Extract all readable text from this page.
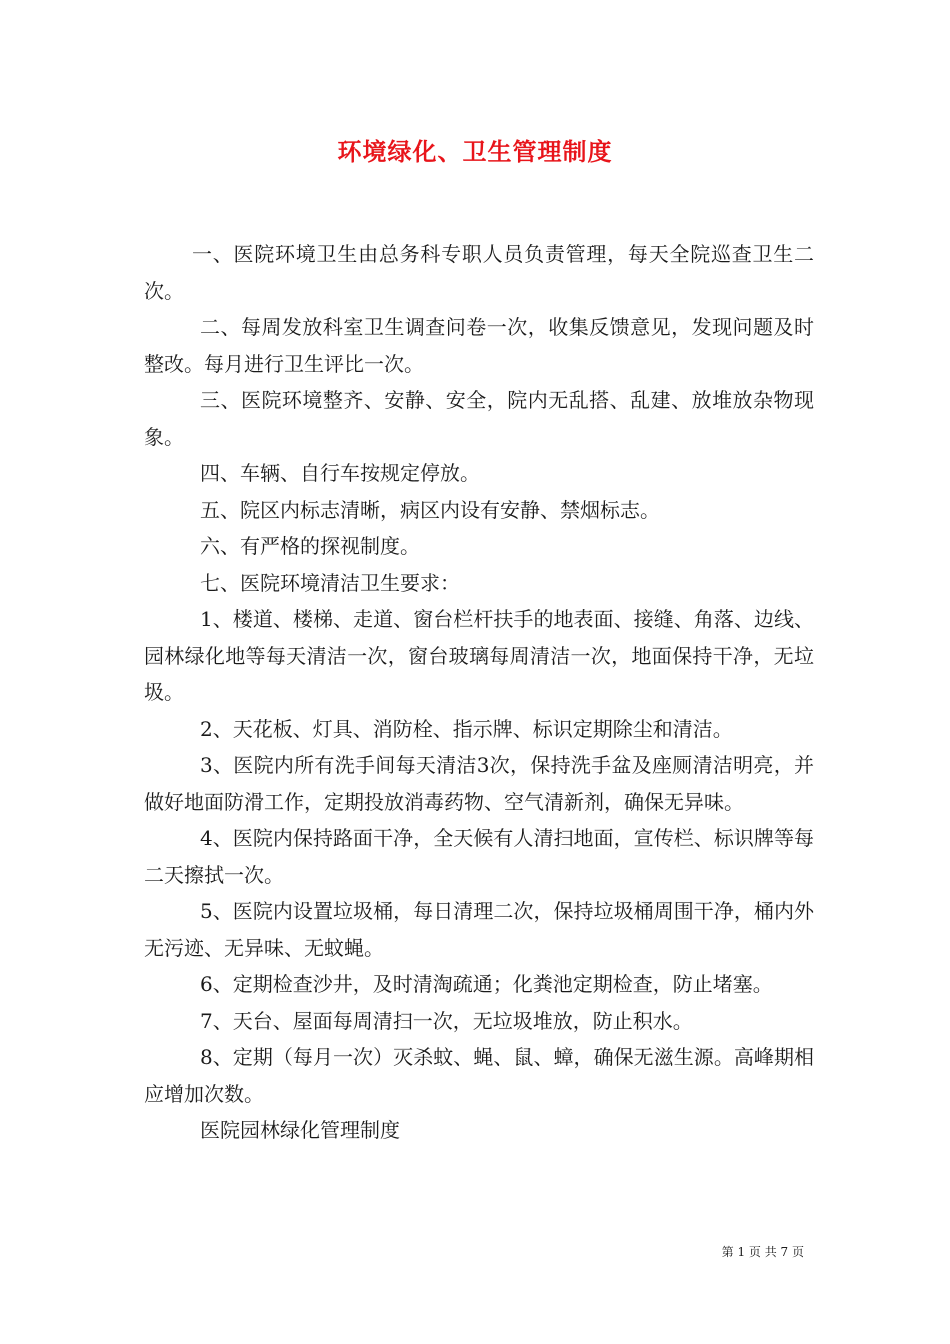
环境绿化、卫生管理制度

一、医院环境卫生由总务科专职人员负责管理，每天全院巡查卫生二次。

二、每周发放科室卫生调查问卷一次，收集反馈意见，发现问题及时整改。每月进行卫生评比一次。

三、医院环境整齐、安静、安全，院内无乱搭、乱建、放堆放杂物现象。

四、车辆、自行车按规定停放。

五、院区内标志清晰，病区内设有安静、禁烟标志。

六、有严格的探视制度。

七、医院环境清洁卫生要求：

1、楼道、楼梯、走道、窗台栏杆扶手的地表面、接缝、角落、边线、园林绿化地等每天清洁一次，窗台玻璃每周清洁一次，地面保持干净，无垃圾。

2、天花板、灯具、消防栓、指示牌、标识定期除尘和清洁。

3、医院内所有洗手间每天清洁3次，保持洗手盆及座厕清洁明亮，并做好地面防滑工作，定期投放消毒药物、空气清新剂，确保无异味。

4、医院内保持路面干净，全天候有人清扫地面，宣传栏、标识牌等每二天擦拭一次。

5、医院内设置垃圾桶，每日清理二次，保持垃圾桶周围干净，桶内外无污迹、无异味、无蚊蝇。

6、定期检查沙井，及时清淘疏通；化粪池定期检查，防止堵塞。

7、天台、屋面每周清扫一次，无垃圾堆放，防止积水。

8、定期（每月一次）灭杀蚊、蝇、鼠、蟑，确保无滋生源。高峰期相应增加次数。

医院园林绿化管理制度

第 1 页 共 7 页
